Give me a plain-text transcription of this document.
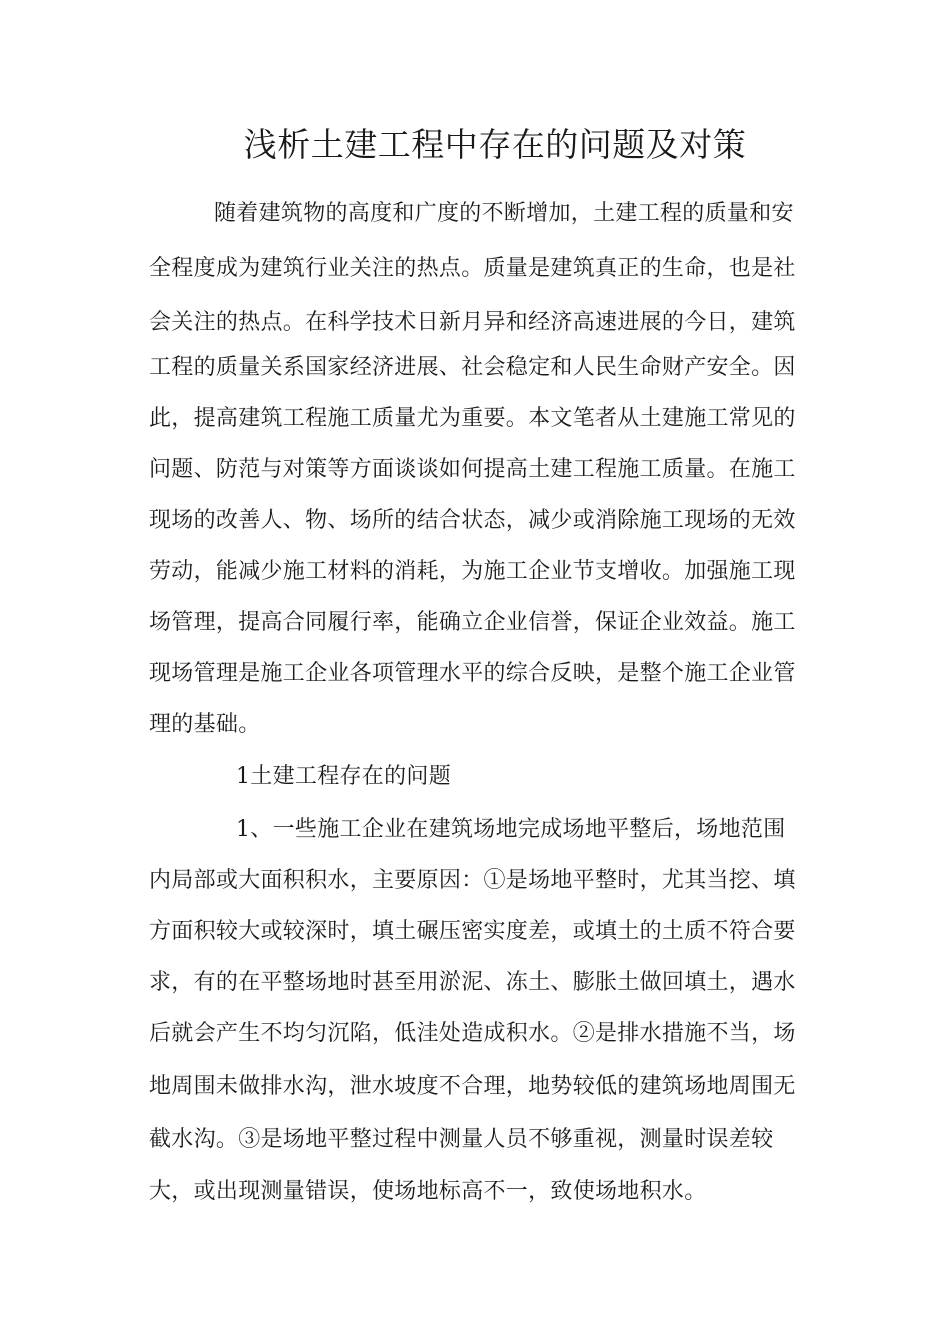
浅析土建工程中存在的问题及对策
随着建筑物的高度和广度的不断增加，土建工程的质量和安
全程度成为建筑行业关注的热点。质量是建筑真正的生命，也是社
会关注的热点。在科学技术日新月异和经济高速进展的今日，建筑
工程的质量关系国家经济进展、社会稳定和人民生命财产安全。因
此，提高建筑工程施工质量尤为重要。本文笔者从土建施工常见的
问题、防范与对策等方面谈谈如何提高土建工程施工质量。在施工
现场的改善人、物、场所的结合状态，减少或消除施工现场的无效
劳动，能减少施工材料的消耗，为施工企业节支增收。加强施工现
场管理，提高合同履行率，能确立企业信誉，保证企业效益。施工
现场管理是施工企业各项管理水平的综合反映，是整个施工企业管
理的基础。
1土建工程存在的问题
1、一些施工企业在建筑场地完成场地平整后，场地范围
内局部或大面积积水，主要原因：①是场地平整时，尤其当挖、填
方面积较大或较深时，填土碾压密实度差，或填土的土质不符合要
求，有的在平整场地时甚至用淤泥、冻土、膨胀土做回填土，遇水
后就会产生不均匀沉陷，低洼处造成积水。②是排水措施不当，场
地周围未做排水沟，泄水坡度不合理，地势较低的建筑场地周围无
截水沟。③是场地平整过程中测量人员不够重视，测量时误差较
大，或出现测量错误，使场地标高不一，致使场地积水。
